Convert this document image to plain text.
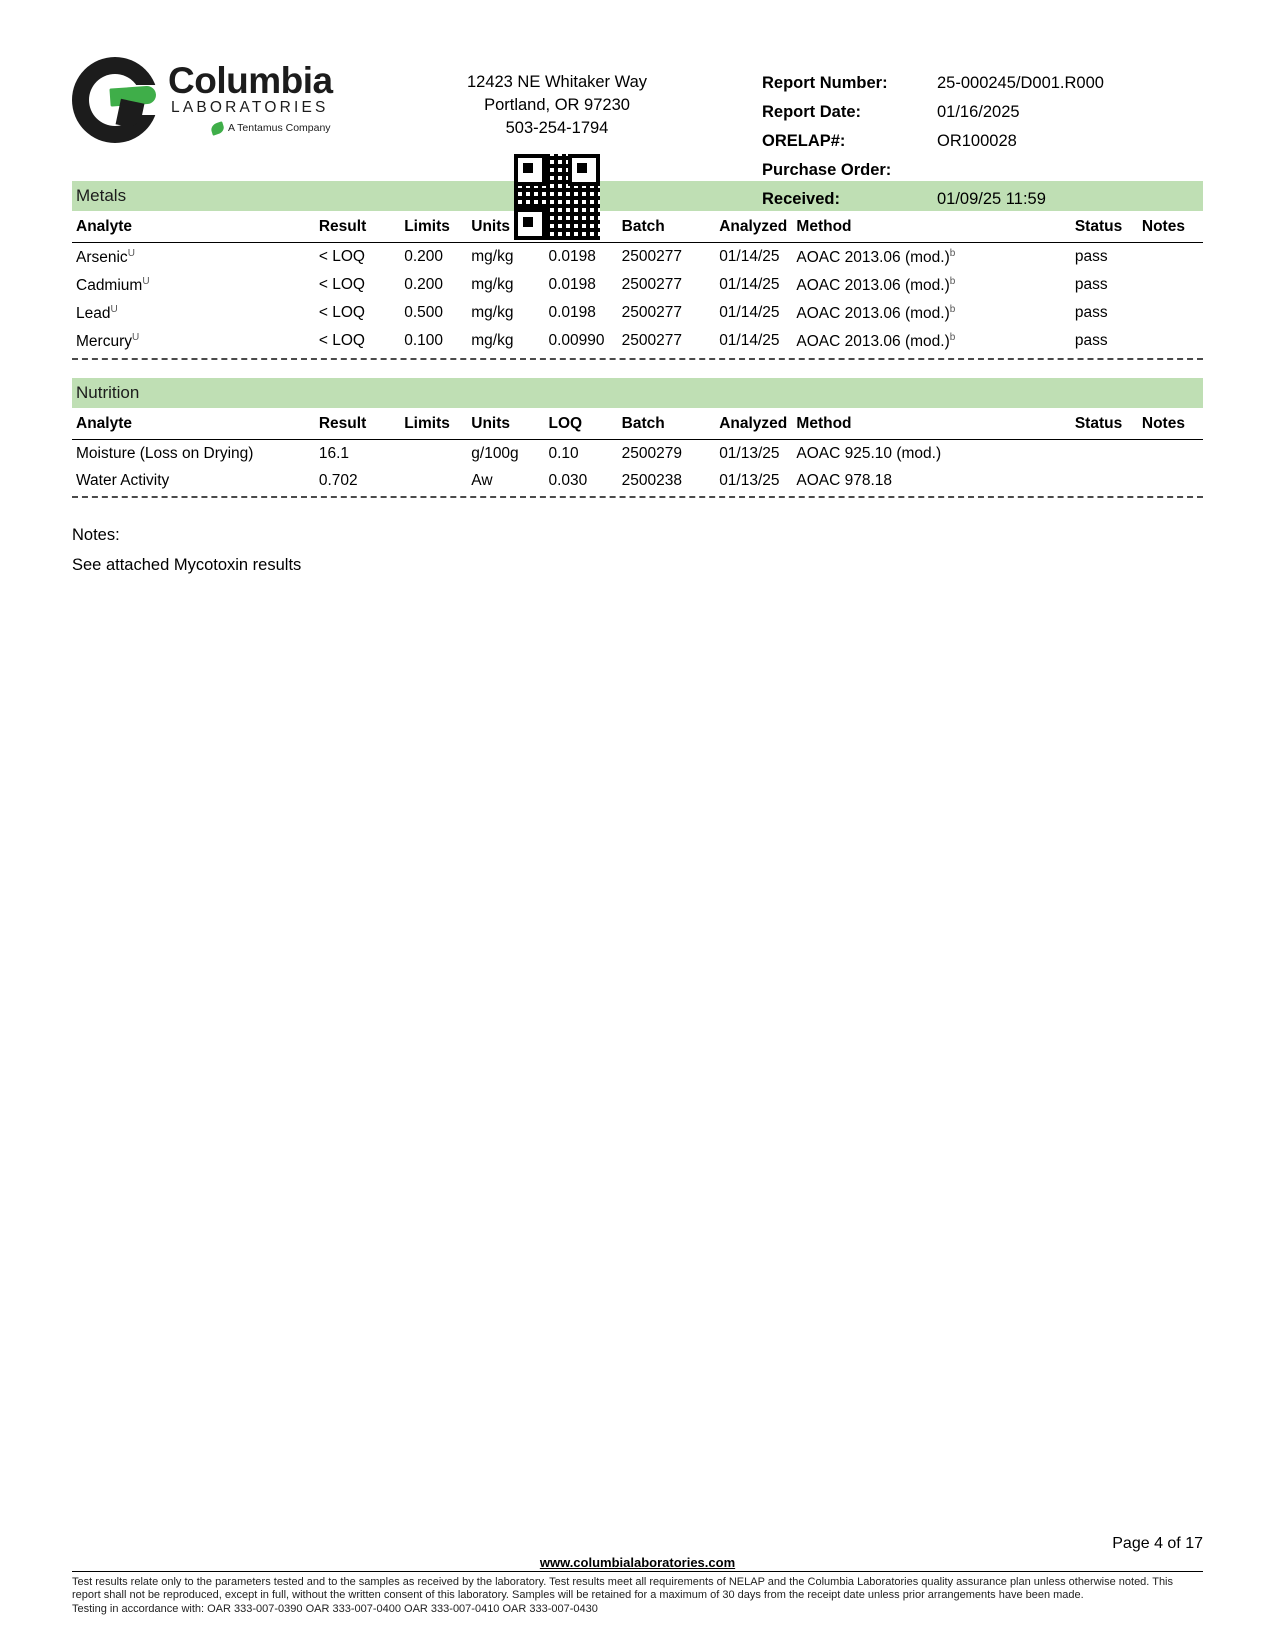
Columbia
LABORATORIES
A Tentamus Company
12423 NE Whitaker Way
Portland, OR 97230
503-254-1794
Report Number:	25-000245/D001.R000
Report Date:	01/16/2025
ORELAP#:	OR100028
Purchase Order:
Received:	01/09/25 11:59
Metals
Analyte	Result	Limits	Units		Batch	Analyzed	Method	Status	Notes
Arsenic$^U$	< LOQ	0.200	mg/kg	0.0198	2500277	01/14/25	AOAC 2013.06 $(mod.)^b$	pass	
Cadmium$^U$	< LOQ	0.200	mg/kg	0.0198	2500277	01/14/25	AOAC 2013.06 $(mod.)^b$	pass	
Lead$^U$	< LOQ	0.500	mg/kg	0.0198	2500277	01/14/25	AOAC 2013.06 $(mod.)^b$	pass	
Mercury$^U$	< LOQ	0.100	mg/kg	0.00990	2500277	01/14/25	AOAC 2013.06 $(mod.)^b$	pass	
Nutrition
Analyte	Result	Limits	Units	LOQ	Batch	Analyzed	Method	Status	Notes
Moisture (Loss on Drying)	16.1		g/100g	0.10	2500279	01/13/25	AOAC 925.10 (mod.)		
Water Activity	0.702		Aw	0.030	2500238	01/13/25	AOAC 978.18		
Notes:
See attached Mycotoxin results
Page 4 of 17
www.columbialaboratories.com
Test results relate only to the parameters tested and to the samples as received by the laboratory. Test results meet all requirements of NELAP and the Columbia Laboratories quality assurance plan unless otherwise noted. This report shall not be reproduced, except in full, without the written consent of this laboratory. Samples will be retained for a maximum of 30 days from the receipt date unless prior arrangements have been made.
Testing in accordance with: OAR 333-007-0390 OAR 333-007-0400 OAR 333-007-0410 OAR 333-007-0430
